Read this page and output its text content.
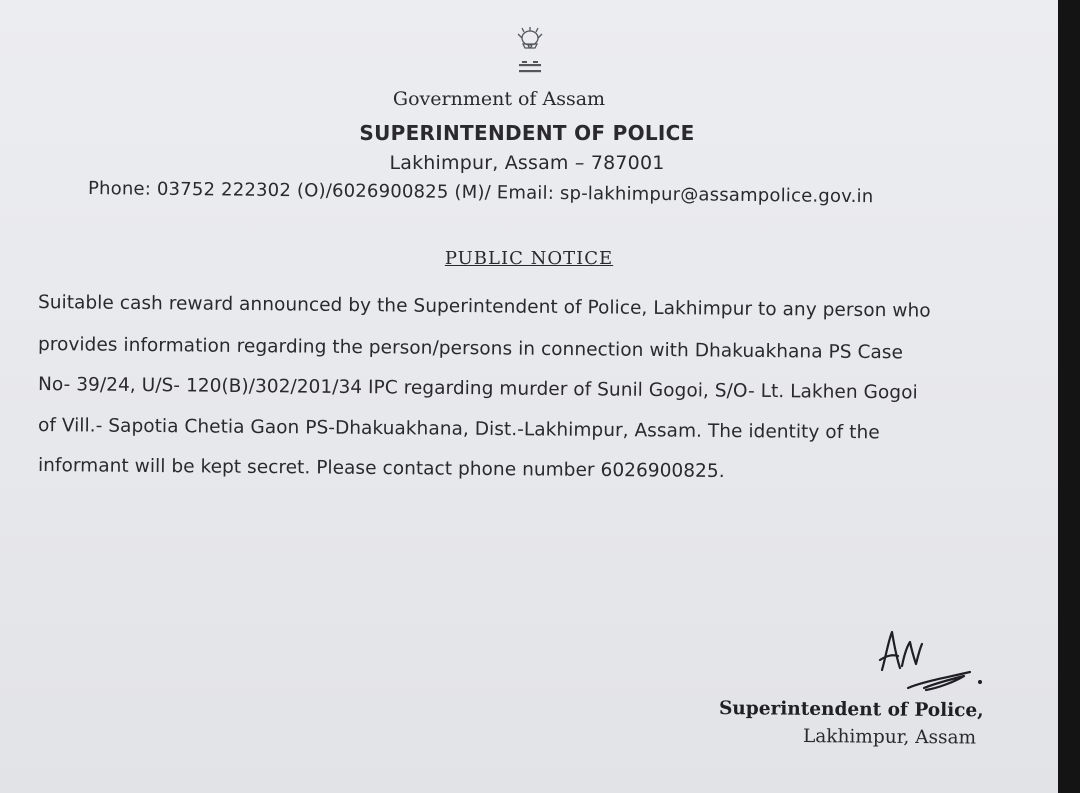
Government of Assam
SUPERINTENDENT OF POLICE
Lakhimpur, Assam – 787001
Phone: 03752 222302 (O)/6026900825 (M)/ Email: sp-lakhimpur@assampolice.gov.in
PUBLIC NOTICE
Suitable cash reward announced by the Superintendent of Police, Lakhimpur to any person who
provides information regarding the person/persons in connection with Dhakuakhana PS Case
No- 39/24, U/S- 120(B)/302/201/34 IPC regarding murder of Sunil Gogoi, S/O- Lt. Lakhen Gogoi
of Vill.- Sapotia Chetia Gaon PS-Dhakuakhana, Dist.-Lakhimpur, Assam. The identity of the
informant will be kept secret. Please contact phone number 6026900825.
Superintendent of Police,
Lakhimpur, Assam
